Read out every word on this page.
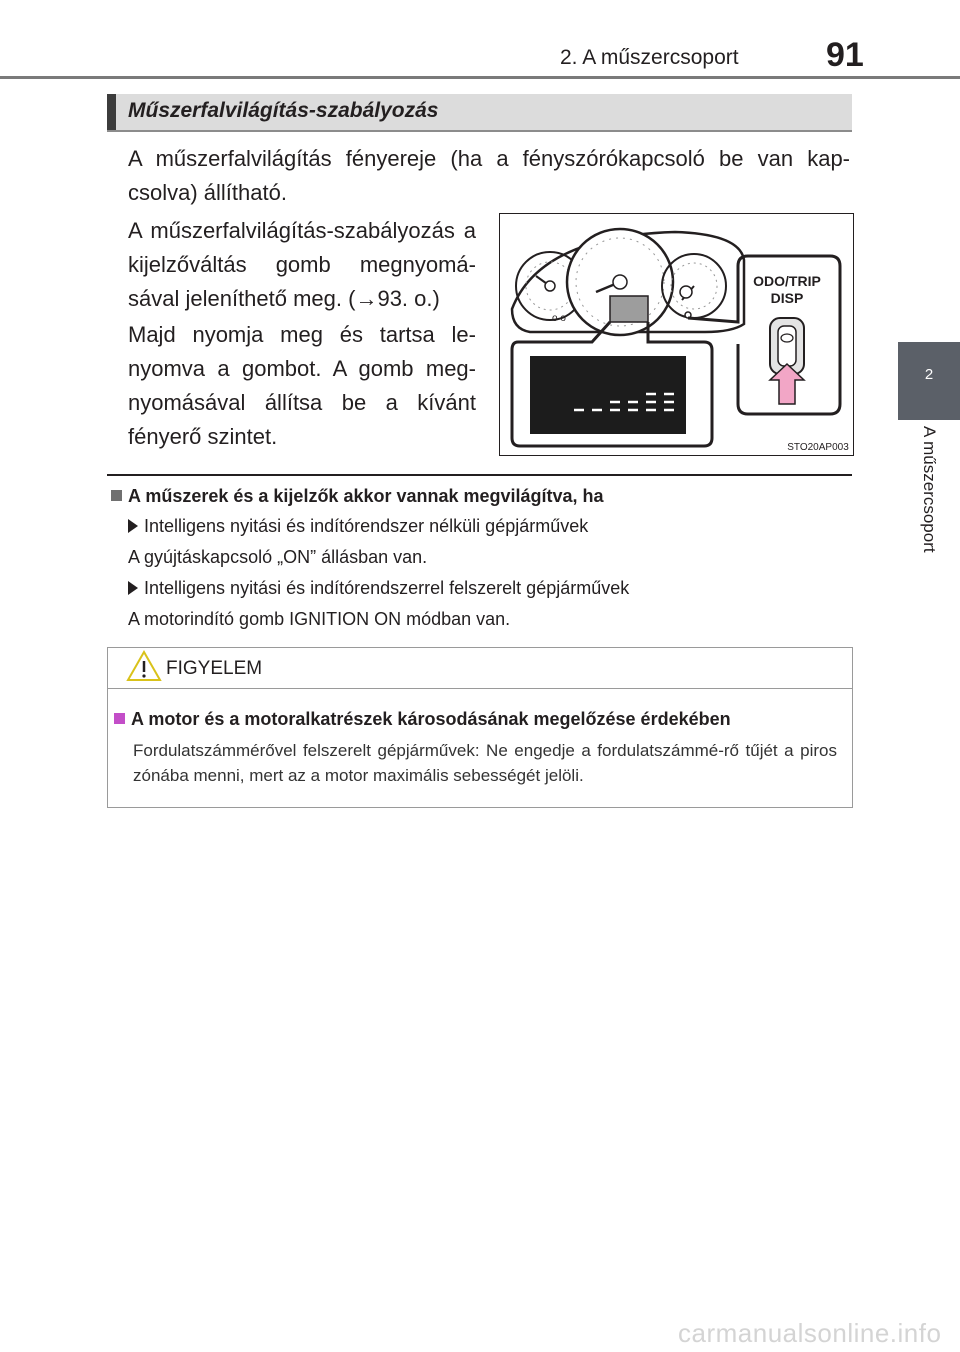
2. A műszercsoport	91
2
A műszercsoport
Műszerfalvilágítás-szabályozás
A műszerfalvilágítás fényereje (ha a fényszórókapcsoló be van kap-csolva) állítható.
A műszerfalvilágítás-szabályozás a kijelzőváltás gomb megnyomá-sával jeleníthető meg. (→93. o.)
Majd nyomja meg és tartsa le-nyomva a gombot. A gomb meg-nyomásával állítsa be a kívánt fényerő szintet.
o o
ODO/TRIP
DISP
STO20AP003
A műszerek és a kijelzők akkor vannak megvilágítva, ha
Intelligens nyitási és indítórendszer nélküli gépjárművek
A gyújtáskapcsoló „ON” állásban van.
Intelligens nyitási és indítórendszerrel felszerelt gépjárművek
A motorindító gomb IGNITION ON módban van.
FIGYELEM
A motor és a motoralkatrészek károsodásának megelőzése érdekében
Fordulatszámmérővel felszerelt gépjárművek: Ne engedje a fordulatszámmé-rő tűjét a piros zónába menni, mert az a motor maximális sebességét jelöli.
carmanualsonline.info
